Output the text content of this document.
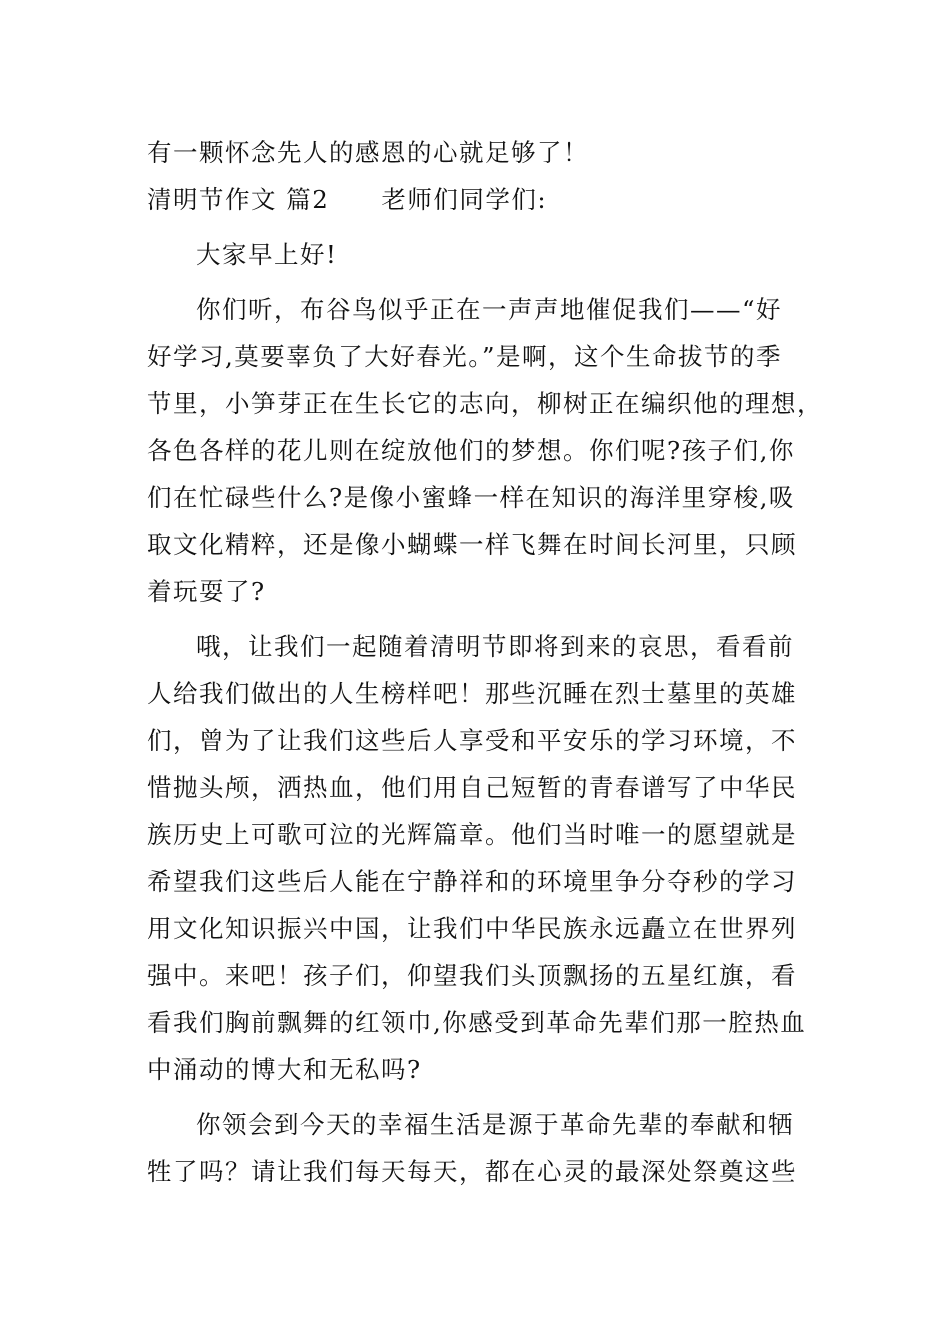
有一颗怀念先人的感恩的心就足够了！
清明节作文 篇2 老师们同学们:
大家早上好!
你们听，布谷鸟似乎正在一声声地催促我们——“好
好学习,莫要辜负了大好春光。”是啊，这个生命拔节的季
节里，小笋芽正在生长它的志向，柳树正在编织他的理想，
各色各样的花儿则在绽放他们的梦想。你们呢?孩子们,你
们在忙碌些什么?是像小蜜蜂一样在知识的海洋里穿梭,吸
取文化精粹，还是像小蝴蝶一样飞舞在时间长河里，只顾
着玩耍了?
哦，让我们一起随着清明节即将到来的哀思，看看前
人给我们做出的人生榜样吧！那些沉睡在烈士墓里的英雄
们，曾为了让我们这些后人享受和平安乐的学习环境，不
惜抛头颅，洒热血，他们用自己短暂的青春谱写了中华民
族历史上可歌可泣的光辉篇章。他们当时唯一的愿望就是
希望我们这些后人能在宁静祥和的环境里争分夺秒的学习
用文化知识振兴中国，让我们中华民族永远矗立在世界列
强中。来吧！孩子们，仰望我们头顶飘扬的五星红旗，看
看我们胸前飘舞的红领巾,你感受到革命先辈们那一腔热血
中涌动的博大和无私吗?
你领会到今天的幸福生活是源于革命先辈的奉献和牺
牲了吗？请让我们每天每天，都在心灵的最深处祭奠这些
